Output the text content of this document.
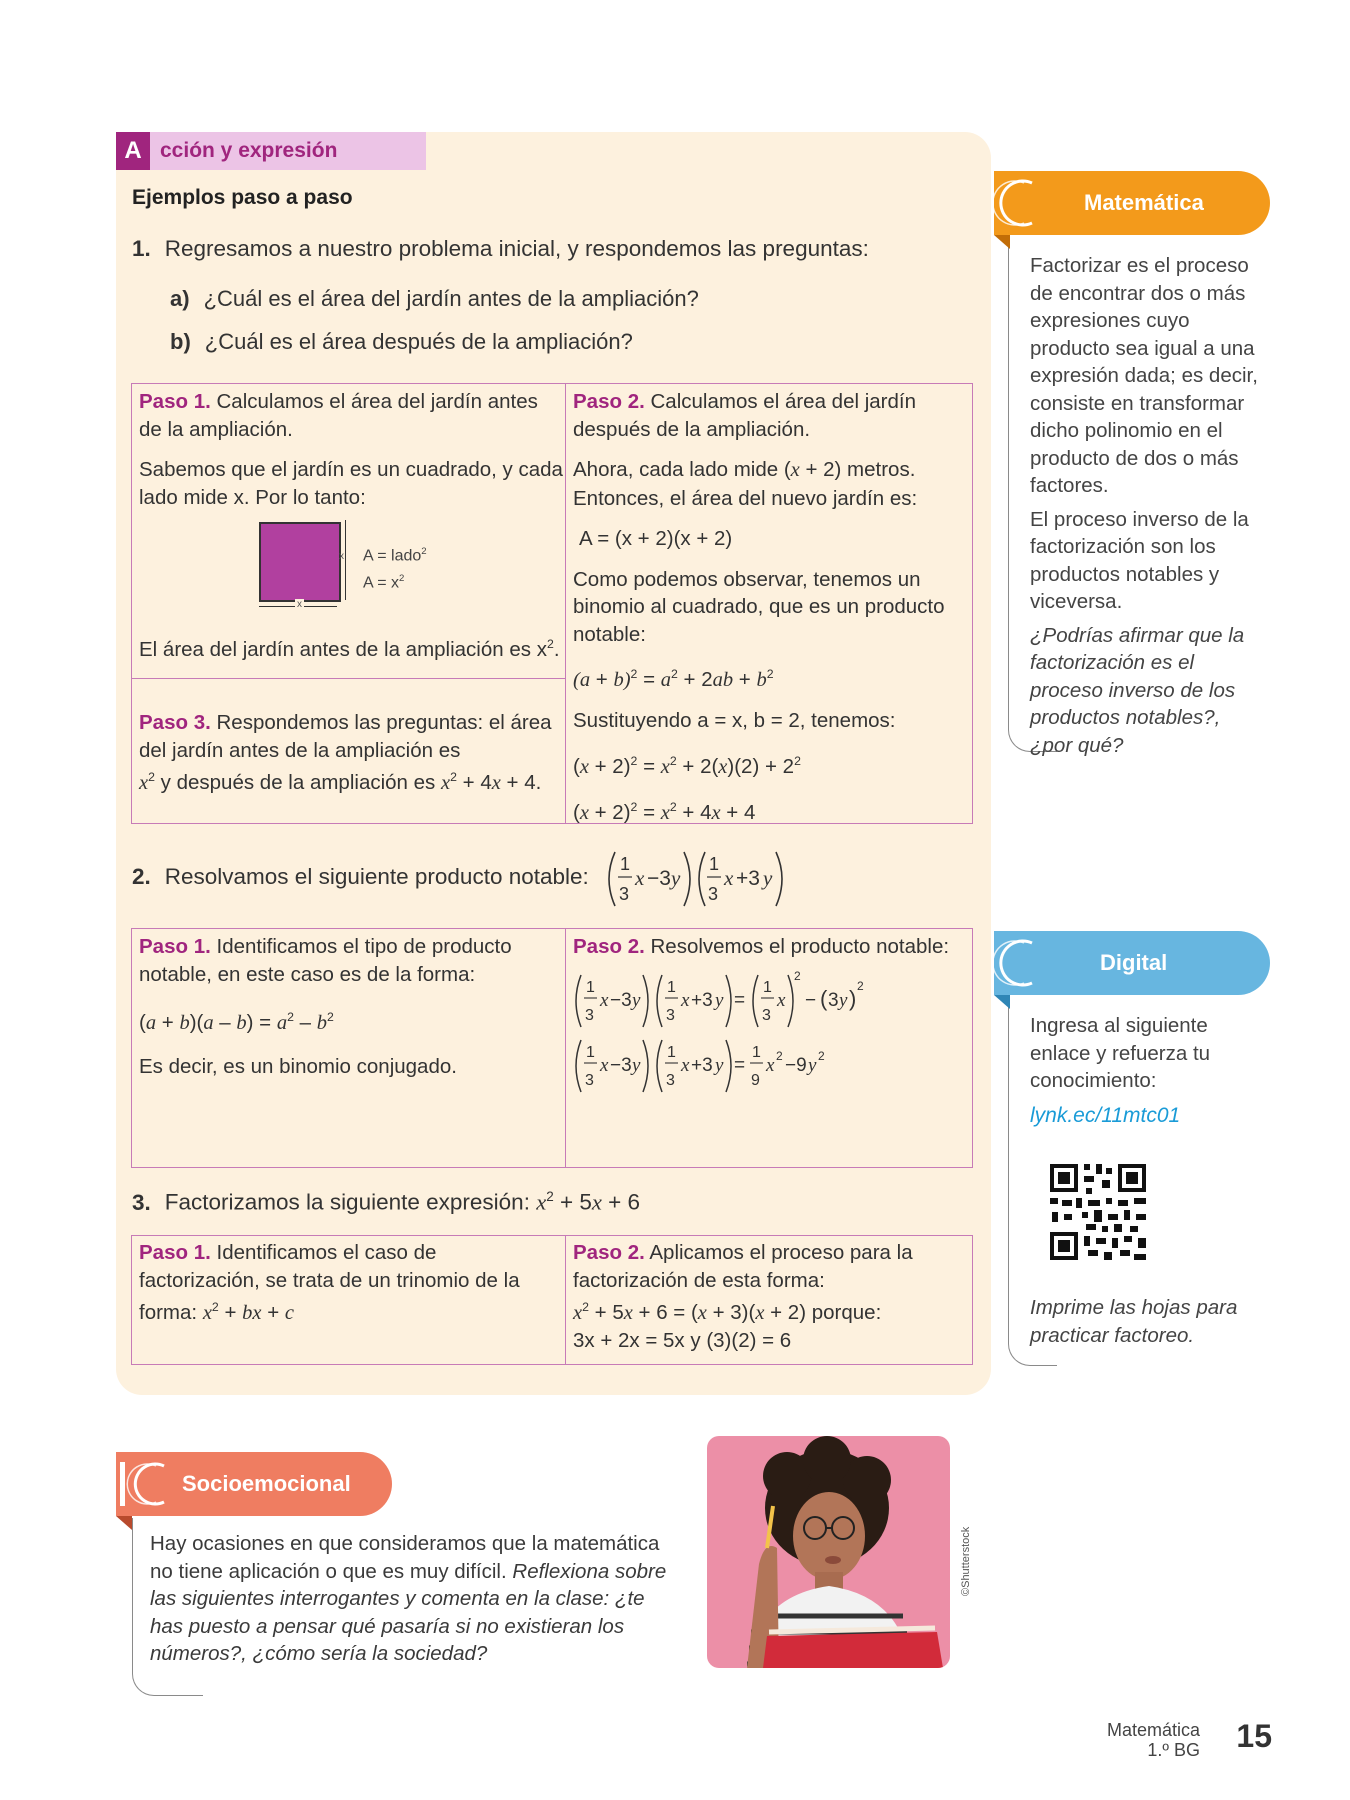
A cción y expresión
Ejemplos paso a paso
1. Regresamos a nuestro problema inicial, y respondemos las preguntas:
a) ¿Cuál es el área del jardín antes de la ampliación?
b) ¿Cuál es el área después de la ampliación?

Paso 1. Calculamos el área del jardín antes de la ampliación.

Sabemos que el jardín es un cuadrado, y cada lado mide x. Por lo tanto:

x
x
A = lado$^2$
$A = x^2$
El área del jardín antes de la ampliación es $x^2$.
Paso 3. Respondemos las preguntas: el área del jardín antes de la ampliación es
$x^2$ y después de la ampliación es $x^2 + 4x + 4$.

Paso 2. Calculamos el área del jardín después de la ampliación.

Ahora, cada lado mide (x + 2) metros. Entonces, el área del nuevo jardín es:

A = (x + 2)(x + 2)

Como podemos observar, tenemos un binomio al cuadrado, que es un producto notable:

$(a + b)^2 = a^2 + 2ab + b^2$

Sustituyendo a = x, b = 2, tenemos:

$(x + 2)^2 = x^2 + 2(x)(2) + 2^2$

$(x + 2)^2 = x^2 + 4x + 4$

2. Resolvamos el siguiente producto notable: 1
3
x −3 y
1
3
x +3 y

Paso 1. Identificamos el tipo de producto notable, en este caso es de la forma:

$(a + b)(a - b) = a^2 - b^2$

Es decir, es un binomio conjugado.

Paso 2. Resolvemos el producto notable:
1
3
x −3 y
1
3
x +3 y =
1
3
x
2
− ( 3 y ) 2
1
3
x −3 y
1
3
x +3 y =
1
9
x 2 −9 y 2
3. Factorizamos la siguiente expresión: $x^2 + 5x + 6$
Paso 1. Identificamos el caso de factorización, se trata de un trinomio de la forma: $x^2$ + bx + c
Paso 2. Aplicamos el proceso para la factorización de esta forma:
$x^2 + 5x + 6 = (x + 3)(x + 2)$ porque:
3x + 2x = 5x y (3)(2) = 6
Matemática

Factorizar es el proceso de encontrar dos o más expresiones cuyo producto sea igual a una expresión dada; es decir, consiste en transformar dicho polinomio en el producto de dos o más factores.

El proceso inverso de la factorización son los productos notables y viceversa.

¿Podrías afirmar que la factorización es el proceso inverso de los productos notables?, ¿por qué?

Digital
Ingresa al siguiente enlace y refuerza tu conocimiento:
lynk.ec/11mtc01
Imprime las hojas para practicar factoreo.
Socioemocional
Hay ocasiones en que consideramos que la matemática no tiene aplicación o que es muy difícil. Reflexiona sobre las siguientes interrogantes y comenta en la clase: ¿te has puesto a pensar qué pasaría si no existieran los números?, ¿cómo sería la sociedad?
©Shutterstock
Matemática
1.º BG 15
